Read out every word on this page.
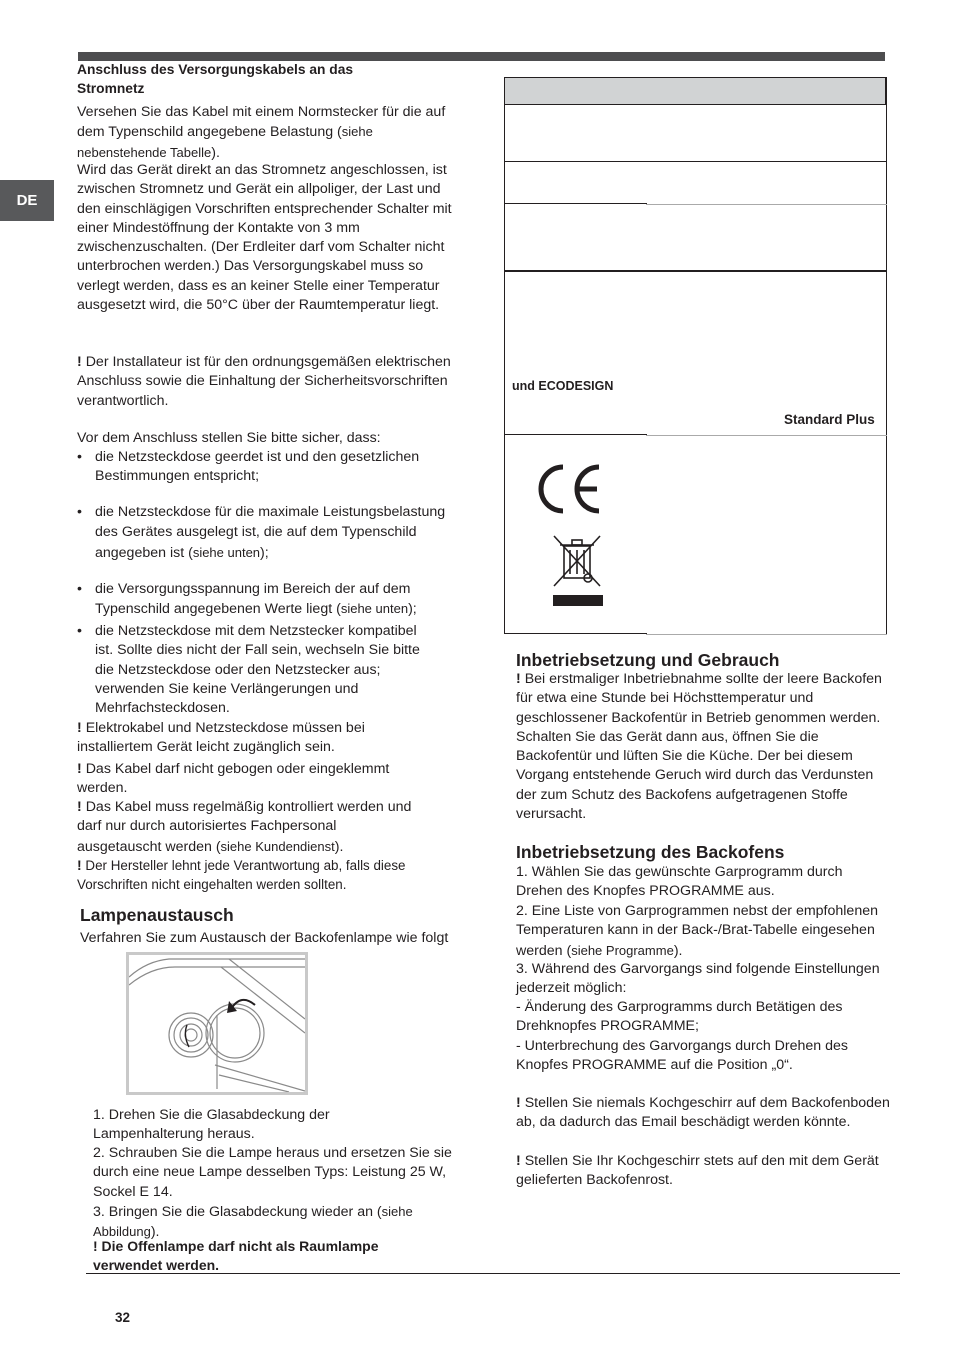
DE
Anschluss des Versorgungskabels an das Stromnetz
Versehen Sie das Kabel mit einem Normstecker für die auf dem Typenschild angegebene Belastung (siehe nebenstehende Tabelle).
Wird das Gerät direkt an das Stromnetz angeschlossen, ist zwischen Stromnetz und Gerät ein allpoliger, der Last und den einschlägigen Vorschriften entsprechender Schalter mit einer Mindestöffnung der Kontakte von 3 mm zwischenzuschalten. (Der Erdleiter darf vom Schalter nicht unterbrochen werden.) Das Versorgungskabel muss so verlegt werden, dass es an keiner Stelle einer Temperatur ausgesetzt wird, die 50°C über der Raumtemperatur liegt.
! Der Installateur ist für den ordnungsgemäßen elektrischen Anschluss sowie die Einhaltung der Sicherheitsvorschriften verantwortlich.
Vor dem Anschluss stellen Sie bitte sicher, dass:
• die Netzsteckdose geerdet ist und den gesetzlichen Bestimmungen entspricht;
• die Netzsteckdose für die maximale Leistungsbelastung des Gerätes ausgelegt ist, die auf dem Typenschild angegeben ist (siehe unten);
• die Versorgungsspannung im Bereich der auf dem Typenschild angegebenen Werte liegt (siehe unten);
• die Netzsteckdose mit dem Netzstecker kompatibel ist. Sollte dies nicht der Fall sein, wechseln Sie bitte die Netzsteckdose oder den Netzstecker aus; verwenden Sie keine Verlängerungen und Mehrfachsteckdosen.
! Elektrokabel und Netzsteckdose müssen bei installiertem Gerät leicht zugänglich sein.
! Das Kabel darf nicht gebogen oder eingeklemmt werden.
! Das Kabel muss regelmäßig kontrolliert werden und darf nur durch autorisiertes Fachpersonal ausgetauscht werden (siehe Kundendienst).
! Der Hersteller lehnt jede Verantwortung ab, falls diese Vorschriften nicht eingehalten werden sollten.
Lampenaustausch
Verfahren Sie zum Austausch der Backofenlampe wie folgt
1. Drehen Sie die Glasabdeckung der Lampenhalterung heraus.
2. Schrauben Sie die Lampe heraus und ersetzen Sie sie durch eine neue Lampe desselben Typs: Leistung 25 W, Sockel E 14.
3. Bringen Sie die Glasabdeckung wieder an (siehe Abbildung).
! Die Offenlampe darf nicht als Raumlampe verwendet werden.
und ECODESIGN
Standard Plus
Inbetriebsetzung und Gebrauch
! Bei erstmaliger Inbetriebnahme sollte der leere Backofen für etwa eine Stunde bei Höchsttemperatur und geschlossener Backofentür in Betrieb genommen werden. Schalten Sie das Gerät dann aus, öffnen Sie die Backofentür und lüften Sie die Küche. Der bei diesem Vorgang entstehende Geruch wird durch das Verdunsten der zum Schutz des Backofens aufgetragenen Stoffe verursacht.
Inbetriebsetzung des Backofens
1. Wählen Sie das gewünschte Garprogramm durch Drehen des Knopfes PROGRAMME aus.
2. Eine Liste von Garprogrammen nebst der empfohlenen Temperaturen kann in der Back-/Brat-Tabelle eingesehen werden (siehe Programme).
3. Während des Garvorgangs sind folgende Einstellungen jederzeit möglich:
- Änderung des Garprogramms durch Betätigen des Drehknopfes PROGRAMME;
- Unterbrechung des Garvorgangs durch Drehen des Knopfes PROGRAMME auf die Position „0“.
! Stellen Sie niemals Kochgeschirr auf dem Backofenboden ab, da dadurch das Email beschädigt werden könnte.
! Stellen Sie Ihr Kochgeschirr stets auf den mit dem Gerät gelieferten Backofenrost.
32
